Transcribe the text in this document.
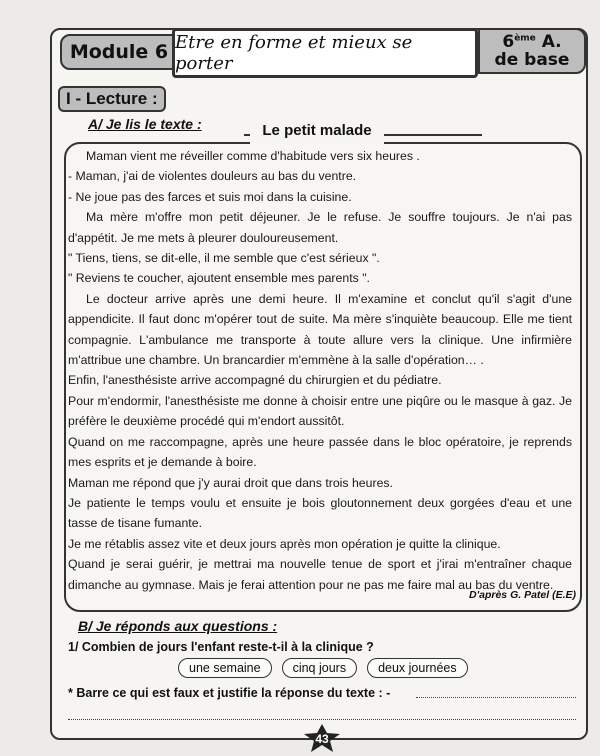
Module 6 Etre en forme et mieux se porter
6ème A.
de base
I - Lecture :
A/ Je lis le texte :	Le petit malade

Maman vient me réveiller comme d'habitude vers six heures .

- Maman, j'ai de violentes douleurs au bas du ventre.

- Ne joue pas des farces et suis moi dans la cuisine.

Ma mère m'offre mon petit déjeuner. Je le refuse. Je souffre toujours. Je n'ai pas d'appétit. Je me mets à pleurer douloureusement.

" Tiens, tiens, se dit-elle, il me semble que c'est sérieux ".

" Reviens te coucher, ajoutent ensemble mes parents ".

Le docteur arrive après une demi heure. Il m'examine et conclut qu'il s'agit d'une appendicite. Il faut donc m'opérer tout de suite. Ma mère s'inquiète beaucoup. Elle me tient compagnie. L'ambulance me transporte à toute allure vers la clinique. Une infirmière m'attribue une chambre. Un brancardier m'emmène à la salle d'opération… .

Enfin, l'anesthésiste arrive accompagné du chirurgien et du pédiatre.

Pour m'endormir, l'anesthésiste me donne à choisir entre une piqûre ou le masque à gaz. Je préfère le deuxième procédé qui m'endort aussitôt.

Quand on me raccompagne, après une heure passée dans le bloc opératoire, je reprends mes esprits et je demande à boire.

Maman me répond que j'y aurai droit que dans trois heures.

Je patiente le temps voulu et ensuite je bois gloutonnement deux gorgées d'eau et une tasse de tisane fumante.

Je me rétablis assez vite et deux jours après mon opération je quitte la clinique.

Quand je serai guérir, je mettrai ma nouvelle tenue de sport et j'irai m'entraîner chaque dimanche au gymnase. Mais je ferai attention pour ne pas me faire mal au bas du ventre.

D'après G. Patel (E.E)
B/ Je réponds aux questions :
1/ Combien de jours l'enfant reste-t-il à la clinique ?
une semaine	cinq jours	deux journées
* Barre ce qui est faux et justifie la réponse du texte : -
43
